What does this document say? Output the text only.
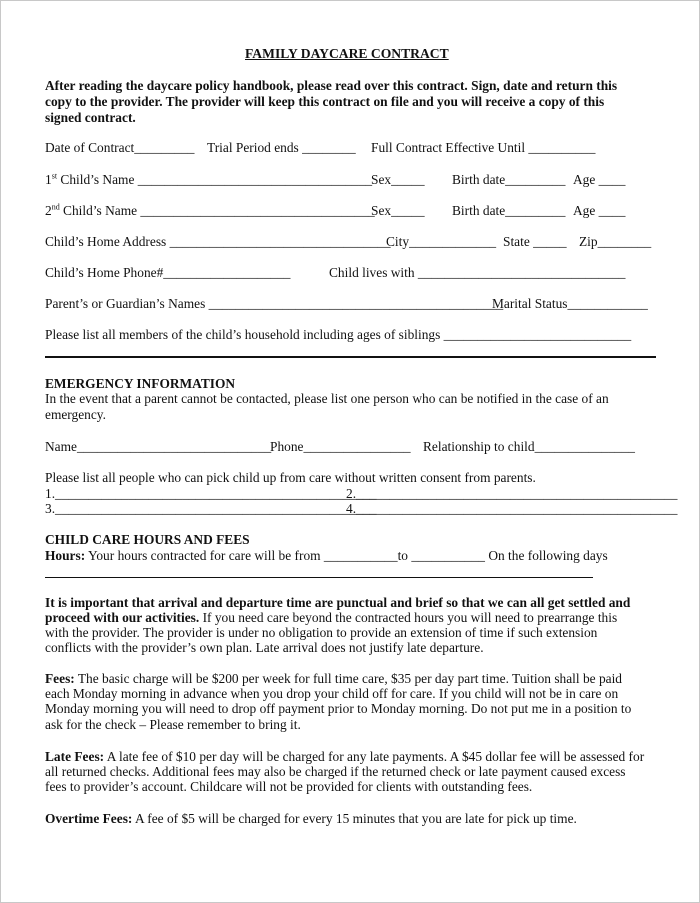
FAMILY DAYCARE CONTRACT
After reading the daycare policy handbook, please read over this contract. Sign, date and return this
copy to the provider. The provider will keep this contract on file and you will receive a copy of this
signed contract.
Date of Contract_________ Trial Period ends ________ Full Contract Effective Until __________
1st Child’s Name ___________________________________
Sex_____ Birth date_________ Age ____
2nd Child’s Name ___________________________________
Sex_____ Birth date_________ Age ____
Child’s Home Address _________________________________
City_____________ State _____ Zip________
Child’s Home Phone#___________________	Child lives with _______________________________
Parent’s or Guardian’s Names ____________________________________________
Marital Status____________
Please list all members of the child’s household including ages of siblings ____________________________
EMERGENCY INFORMATION
In the event that a parent cannot be contacted, please list one person who can be notified in the case of an
emergency.
Name_____________________________
Phone________________ Relationship to child_______________
Please list all people who can pick child up from care without written consent from parents.
1.________________________________________________
2.________________________________________________
3.________________________________________________
4.________________________________________________
CHILD CARE HOURS AND FEES
Hours: Your hours contracted for care will be from ___________to ___________ On the following days
It is important that arrival and departure time are punctual and brief so that we can all get settled and
proceed with our activities. If you need care beyond the contracted hours you will need to prearrange this
with the provider. The provider is under no obligation to provide an extension of time if such extension
conflicts with the provider’s own plan. Late arrival does not justify late departure.
Fees: The basic charge will be $200 per week for full time care, $35 per day part time. Tuition shall be paid
each Monday morning in advance when you drop your child off for care. If you child will not be in care on
Monday morning you will need to drop off payment prior to Monday morning. Do not put me in a position to
ask for the check – Please remember to bring it.
Late Fees: A late fee of $10 per day will be charged for any late payments. A $45 dollar fee will be assessed for
all returned checks. Additional fees may also be charged if the returned check or late payment caused excess
fees to provider’s account. Childcare will not be provided for clients with outstanding fees.
Overtime Fees: A fee of $5 will be charged for every 15 minutes that you are late for pick up time.
